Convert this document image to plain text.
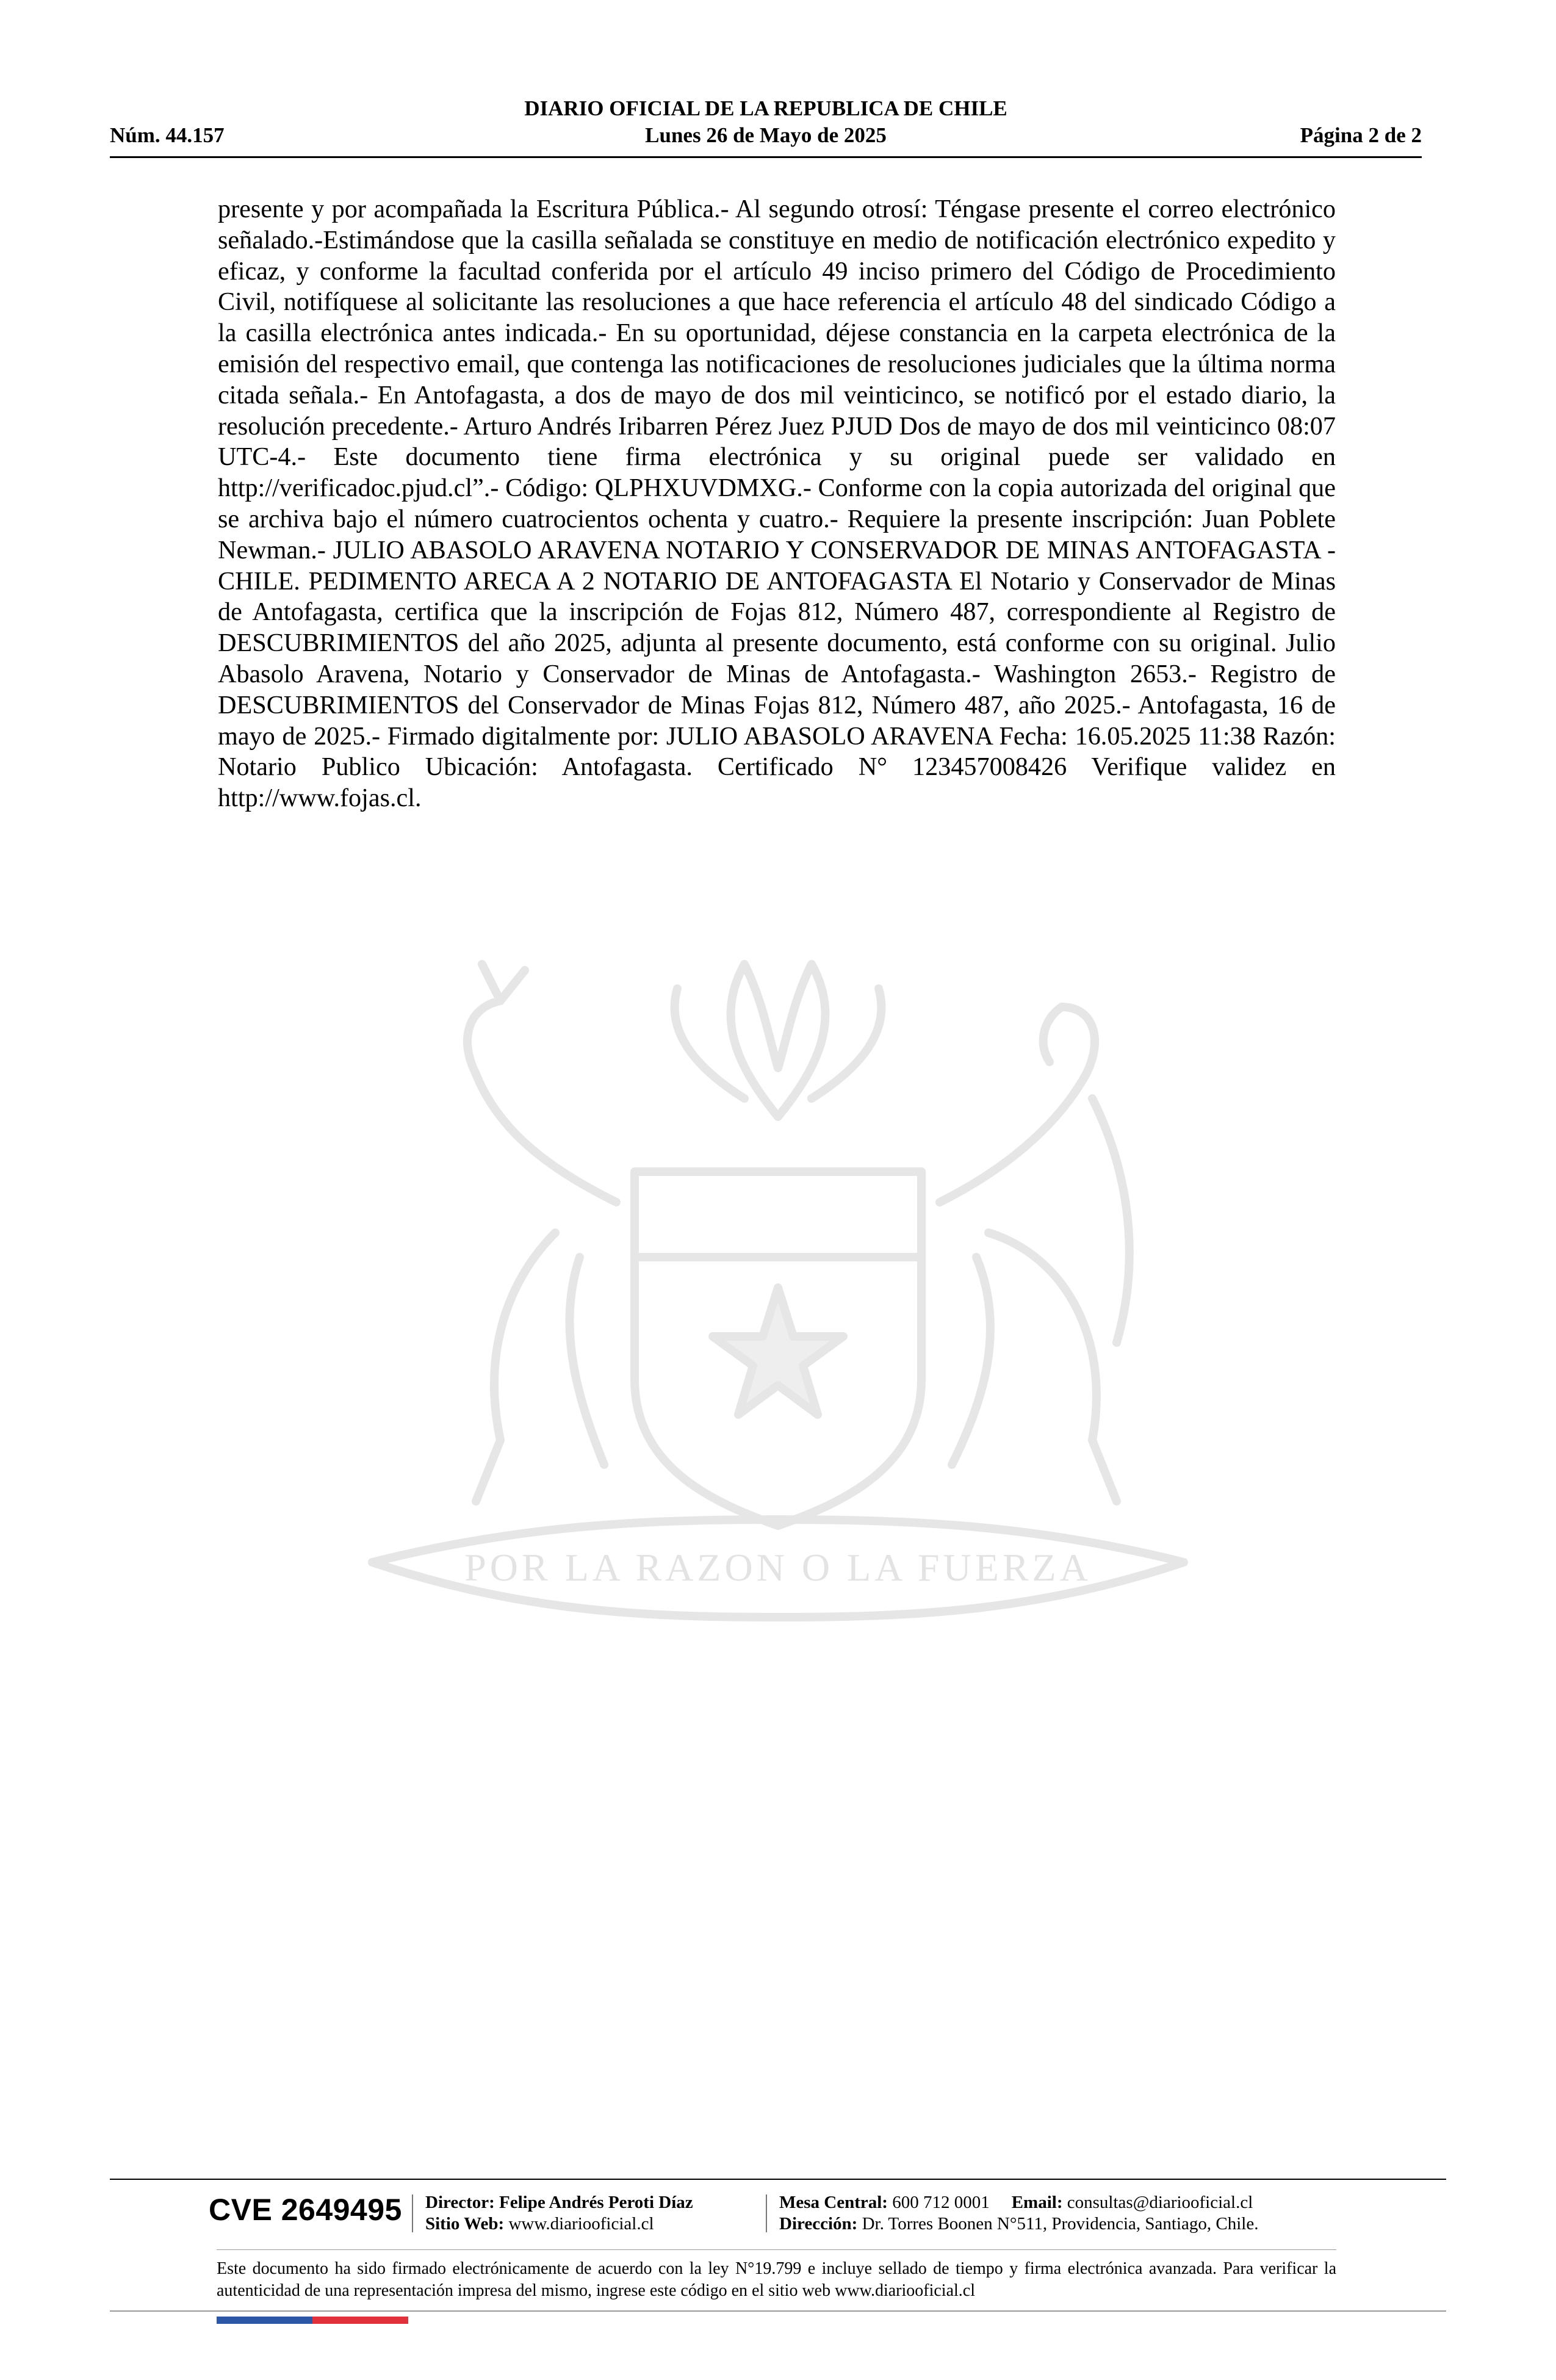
DIARIO OFICIAL DE LA REPUBLICA DE CHILE
Núm. 44.157	Lunes 26 de Mayo de 2025	Página 2 de 2
presente y por acompañada la Escritura Pública.- Al segundo otrosí: Téngase presente el correo electrónico señalado.-Estimándose que la casilla señalada se constituye en medio de notificación electrónico expedito y eficaz, y conforme la facultad conferida por el artículo 49 inciso primero del Código de Procedimiento Civil, notifíquese al solicitante las resoluciones a que hace referencia el artículo 48 del sindicado Código a la casilla electrónica antes indicada.- En su oportunidad, déjese constancia en la carpeta electrónica de la emisión del respectivo email, que contenga las notificaciones de resoluciones judiciales que la última norma citada señala.- En Antofagasta, a dos de mayo de dos mil veinticinco, se notificó por el estado diario, la resolución precedente.- Arturo Andrés Iribarren Pérez Juez PJUD Dos de mayo de dos mil veinticinco 08:07 UTC-4.- Este documento tiene firma electrónica y su original puede ser validado en http://verificadoc.pjud.cl”.- Código: QLPHXUVDMXG.- Conforme con la copia autorizada del original que se archiva bajo el número cuatrocientos ochenta y cuatro.- Requiere la presente inscripción: Juan Poblete Newman.- JULIO ABASOLO ARAVENA NOTARIO Y CONSERVADOR DE MINAS ANTOFAGASTA - CHILE. PEDIMENTO ARECA A 2 NOTARIO DE ANTOFAGASTA El Notario y Conservador de Minas de Antofagasta, certifica que la inscripción de Fojas 812, Número 487, correspondiente al Registro de DESCUBRIMIENTOS del año 2025, adjunta al presente documento, está conforme con su original. Julio Abasolo Aravena, Notario y Conservador de Minas de Antofagasta.- Washington 2653.- Registro de DESCUBRIMIENTOS del Conservador de Minas Fojas 812, Número 487, año 2025.- Antofagasta, 16 de mayo de 2025.- Firmado digitalmente por: JULIO ABASOLO ARAVENA Fecha: 16.05.2025 11:38 Razón: Notario Publico Ubicación: Antofagasta. Certificado N° 123457008426 Verifique validez en http://www.fojas.cl.
POR LA RAZON O LA FUERZA
CVE 2649495 Director: Felipe Andrés Peroti Díaz
Sitio Web: www.diariooficial.cl
Mesa Central: 600 712 0001 Email: consultas@diariooficial.cl
Dirección: Dr. Torres Boonen N°511, Providencia, Santiago, Chile.
Este documento ha sido firmado electrónicamente de acuerdo con la ley N°19.799 e incluye sellado de tiempo y firma electrónica avanzada. Para verificar la autenticidad de una representación impresa del mismo, ingrese este código en el sitio web www.diariooficial.cl
